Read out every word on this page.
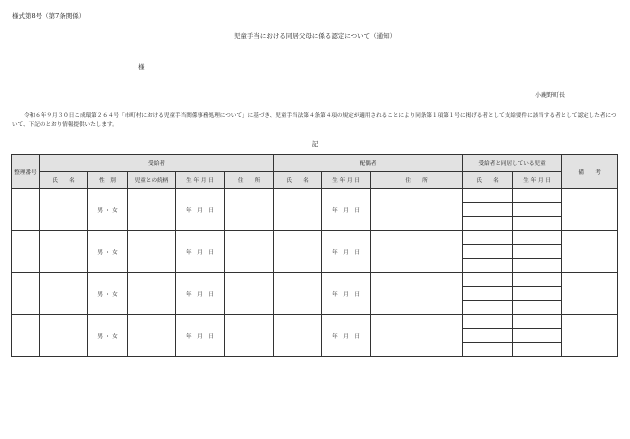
様式第8号（第7条関係）
児童手当における同居父母に係る認定について（通知）
様
小鹿野町長
令和６年９月３０日こ成環第２６４号「市町村における児童手当関係事務処理について」に基づき、児童手当法第４条第４項の規定が適用されることにより同条第１項第１号に掲げる者として支給要件に該当する者として認定した者について、下記のとおり情報提供いたします。
記
整理番号	受給者					配偶者			受給者と同居している児童		備　　考
	氏　　名	性　別	児童との続柄	生 年 月 日	住　　所	氏　　名	生 年 月 日	住　　所	氏　　名	生 年 月 日	
		男 ・ 女		年　月　日			年　月　日				

		男 ・ 女		年　月　日			年　月　日				

		男 ・ 女		年　月　日			年　月　日				

		男 ・ 女		年　月　日			年　月　日				
